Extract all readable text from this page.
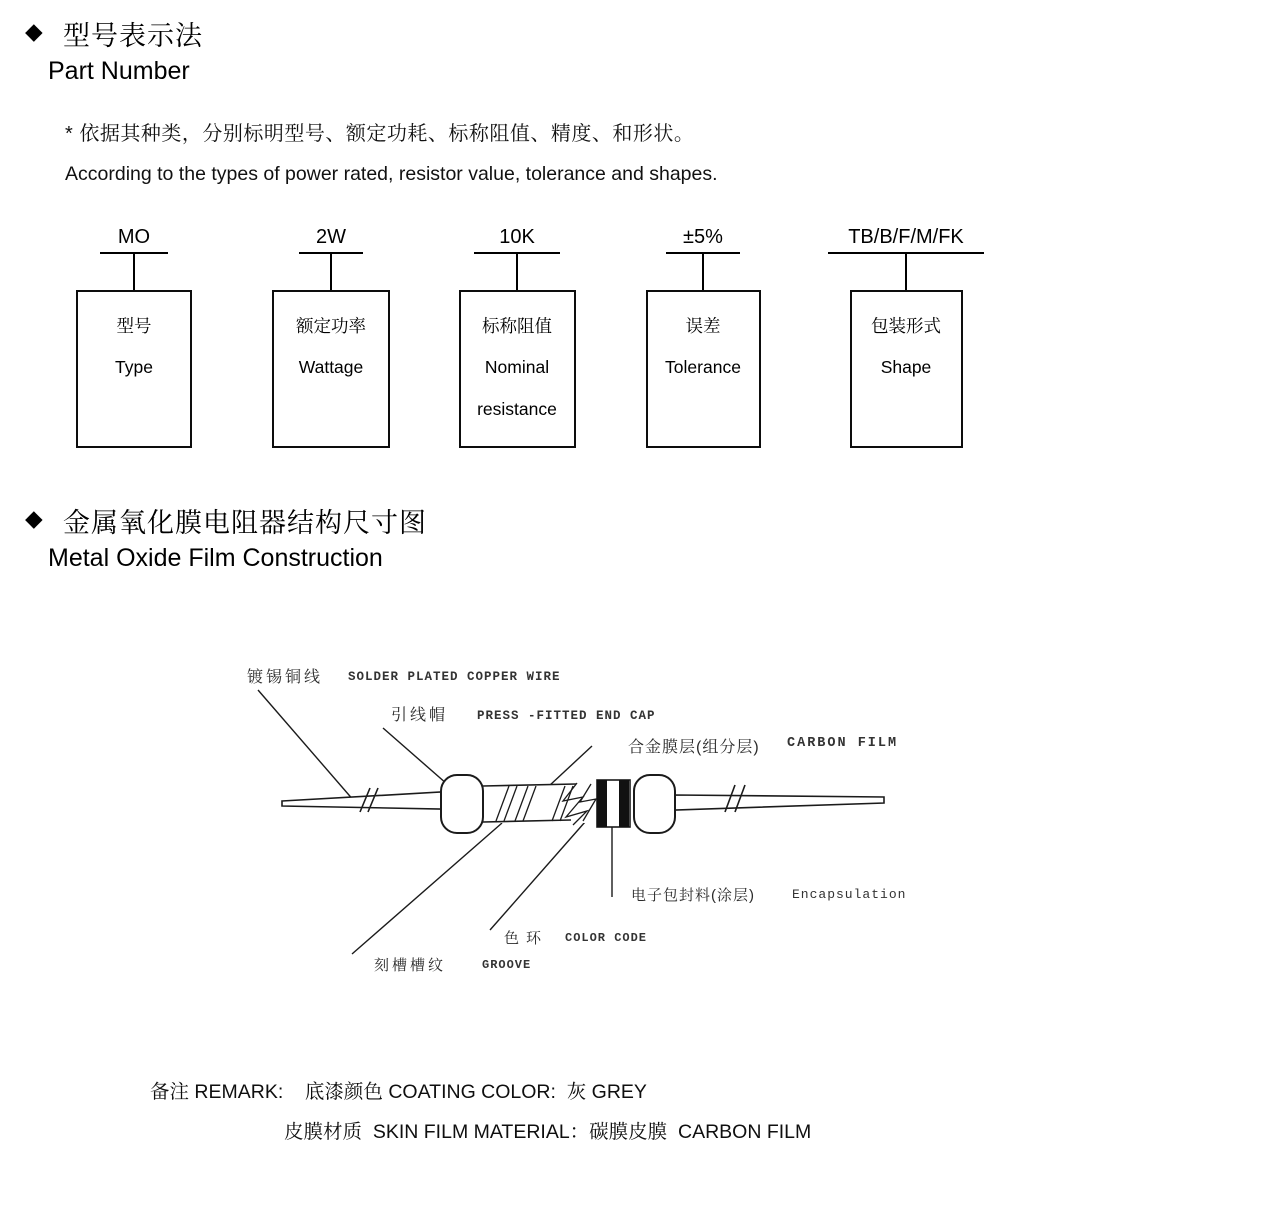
◆ 型号表示法
Part Number
* 依据其种类，分别标明型号、额定功耗、标称阻值、精度、和形状。
According to the types of power rated, resistor value, tolerance and shapes.
MO
型号
Type
2W
额定功率
Wattage
10K
标称阻值
Nominal
resistance
±5%
误差
Tolerance
TB/B/F/M/FK
包装形式
Shape
◆ 金属氧化膜电阻器结构尺寸图
Metal Oxide Film Construction
镀锡铜线 SOLDER PLATED COPPER WIRE
引线帽 PRESS -FITTED END CAP
合金膜层(组分层) CARBON FILM
电子包封料(涂层)	Encapsulation
色环 COLOR CODE
刻槽槽纹	GROOVE
备注 REMARK:    底漆颜色 COATING COLOR:  灰 GREY
皮膜材质  SKIN FILM MATERIAL：碳膜皮膜  CARBON FILM
